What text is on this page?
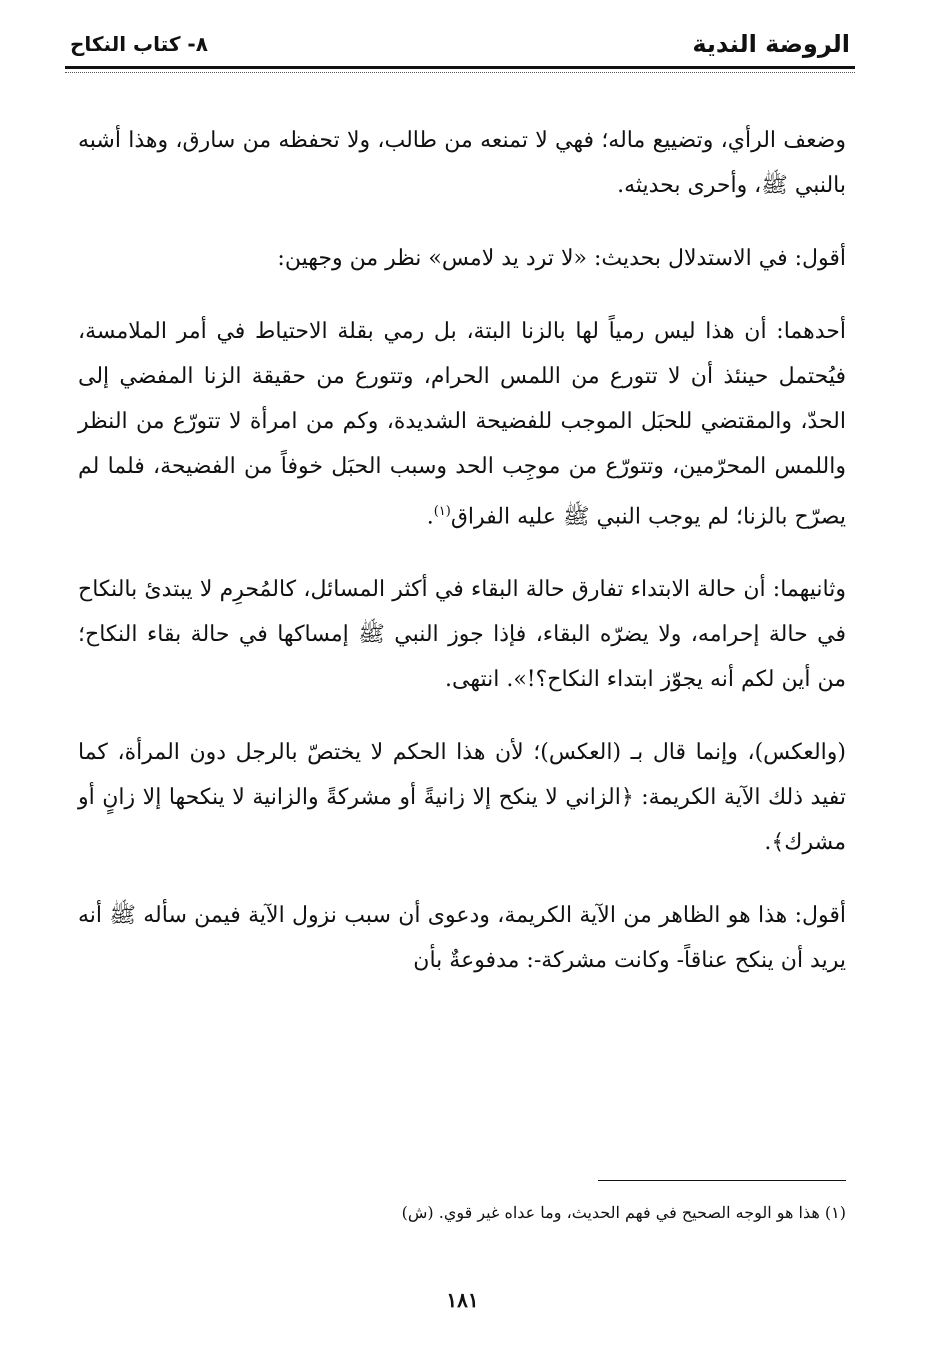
الروضة الندية
٨- كتاب النكاح

وضعف الرأي، وتضييع ماله؛ فهي لا تمنعه من طالب، ولا تحفظه من سارق، وهذا أشبه بالنبي ﷺ، وأحرى بحديثه.

أقول: في الاستدلال بحديث: «لا ترد يد لامس» نظر من وجهين:

أحدهما: أن هذا ليس رمياً لها بالزنا البتة، بل رمي بقلة الاحتياط في أمر الملامسة، فيُحتمل حينئذ أن لا تتورع من اللمس الحرام، وتتورع من حقيقة الزنا المفضي إلى الحدّ، والمقتضي للحبَل الموجب للفضيحة الشديدة، وكم من امرأة لا تتورّع من النظر واللمس المحرّمين، وتتورّع من موجِب الحد وسبب الحبَل خوفاً من الفضيحة، فلما لم يصرّح بالزنا؛ لم يوجب النبي ﷺ عليه الفراق$^{(١)}$.

وثانيهما: أن حالة الابتداء تفارق حالة البقاء في أكثر المسائل، كالمُحرِم لا يبتدئ بالنكاح في حالة إحرامه، ولا يضرّه البقاء، فإذا جوز النبي ﷺ إمساكها في حالة بقاء النكاح؛ من أين لكم أنه يجوّز ابتداء النكاح؟!». انتهى.

(والعكس)، وإنما قال بـ (العكس)؛ لأن هذا الحكم لا يختصّ بالرجل دون المرأة، كما تفيد ذلك الآية الكريمة: ﴿الزاني لا ينكح إلا زانيةً أو مشركةً والزانية لا ينكحها إلا زانٍ أو مشرك﴾.

أقول: هذا هو الظاهر من الآية الكريمة، ودعوى أن سبب نزول الآية فيمن سأله ﷺ أنه يريد أن ينكح عناقاً- وكانت مشركة-: مدفوعةٌ بأن

(١) هذا هو الوجه الصحيح في فهم الحديث، وما عداه غير قوي. (ش)
١٨١
